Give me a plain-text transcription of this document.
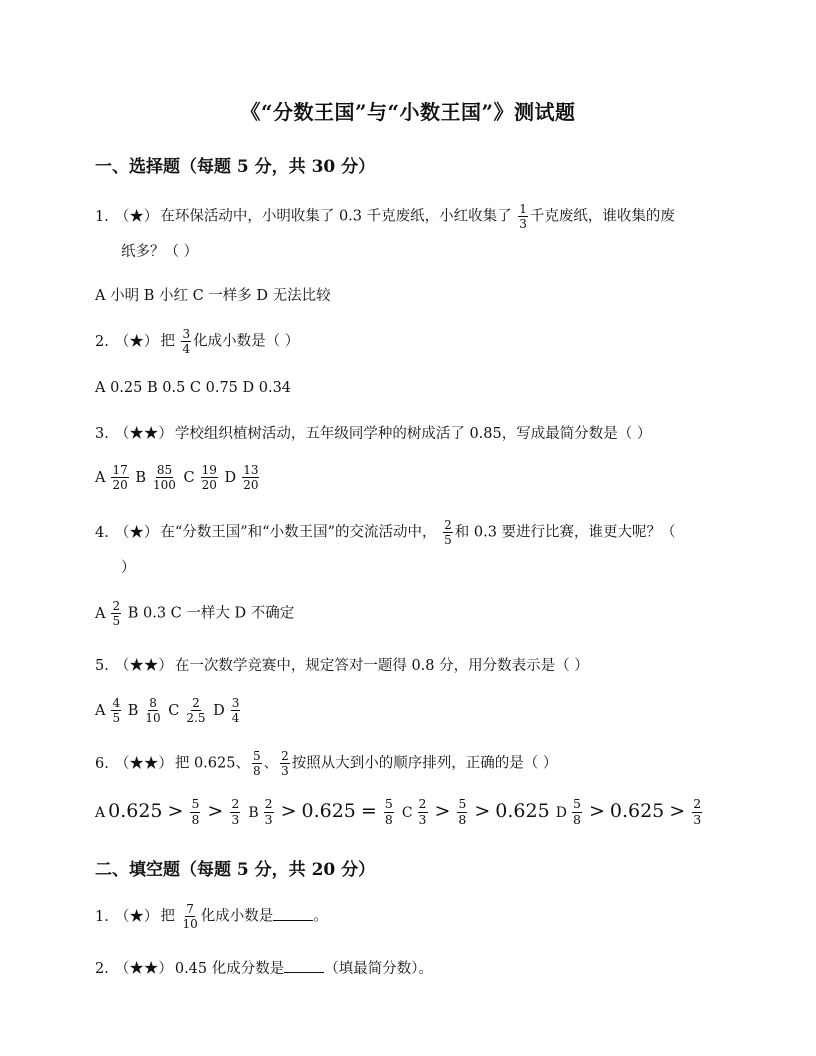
《“分数王国”与“小数王国”》测试题
一、选择题（每题 5 分，共 30 分）
1. （★） 在环保活动中，小明收集了 0.3 千克废纸，小红收集了 $\frac{1}{3}$ 千克废纸，谁收集的废
纸多？（ ）
A 小明 B 小红 C 一样多 D 无法比较
2. （★） 把 $\frac{3}{4}$ 化成小数是（ ）
A 0.25 B 0.5 C 0.75 D 0.34
3. （★★） 学校组织植树活动，五年级同学种的树成活了 0.85，写成最简分数是（ ）
A $\frac{17}{20}$ B $\frac{85}{100}$ C $\frac{19}{20}$ D $\frac{13}{20}$
4. （★） 在“分数王国”和“小数王国”的交流活动中， $\frac{2}{5}$ 和 0.3 要进行比赛，谁更大呢？（
）
A $\frac{2}{5}$ B 0.3 C 一样大 D 不确定
5. （★★） 在一次数学竞赛中，规定答对一题得 0.8 分，用分数表示是（ ）
A $\frac{4}{5}$ B $\frac{8}{10}$ C $\frac{2}{2.5}$ D $\frac{3}{4}$
6. （★★） 把 0.625、 $\frac{5}{8}$ 、 $\frac{2}{3}$ 按照从大到小的顺序排列，正确的是（ ）
A $0.625 > \frac{5}{8} > \frac{2}{3}$ B $\frac{2}{3} > 0.625 = \frac{5}{8}$ C $\frac{2}{3} > \frac{5}{8} > 0.625$ D $\frac{5}{8} > 0.625 > \frac{2}{3}$
二、填空题（每题 5 分，共 20 分）
1. （★） 把 $\frac{7}{10}$ 化成小数是	。
2. （★★） 0.45 化成分数是	（填最简分数）。
